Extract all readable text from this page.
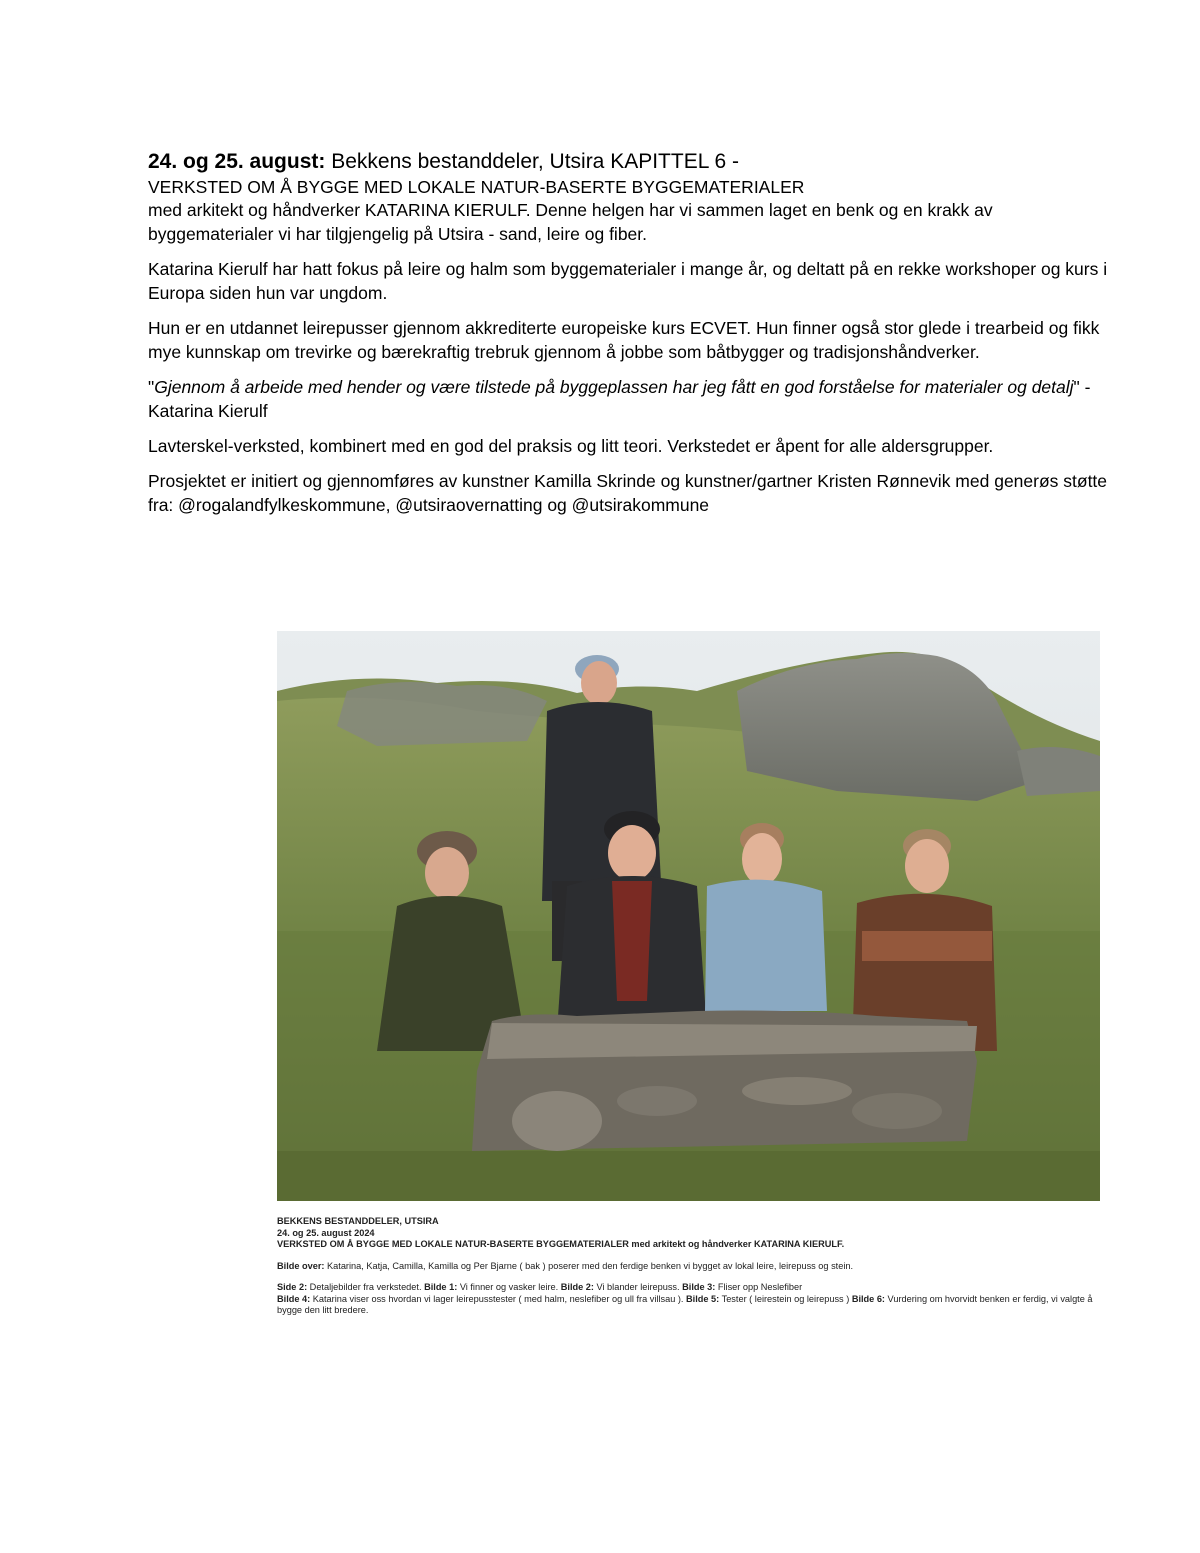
24. og 25. august: Bekkens bestanddeler, Utsira KAPITTEL 6 -
VERKSTED OM Å BYGGE MED LOKALE NATUR-BASERTE BYGGEMATERIALER

med arkitekt og håndverker KATARINA KIERULF. Denne helgen har vi sammen laget en benk og en krakk av byggematerialer vi har tilgjengelig på Utsira - sand, leire og fiber.

Katarina Kierulf har hatt fokus på leire og halm som byggematerialer i mange år, og deltatt på en rekke workshoper og kurs i Europa siden hun var ungdom.

Hun er en utdannet leirepusser gjennom akkrediterte europeiske kurs ECVET. Hun finner også stor glede i trearbeid og fikk mye kunnskap om trevirke og bærekraftig trebruk gjennom å jobbe som båtbygger og tradisjonshåndverker.

"Gjennom å arbeide med hender og være tilstede på byggeplassen har jeg fått en god forståelse for materialer og detalj" - Katarina Kierulf

Lavterskel-verksted, kombinert med en god del praksis og litt teori. Verkstedet er åpent for alle aldersgrupper.

Prosjektet er initiert og gjennomføres av kunstner Kamilla Skrinde og kunstner/gartner Kristen Rønnevik med generøs støtte fra: @rogalandfylkeskommune, @utsiraovernatting og @utsirakommune

BEKKENS BESTANDDELER, UTSIRA
24. og 25. august 2024
VERKSTED OM Å BYGGE MED LOKALE NATUR-BASERTE BYGGEMATERIALER med arkitekt og håndverker KATARINA KIERULF.
Bilde over: Katarina, Katja, Camilla, Kamilla og Per Bjarne ( bak ) poserer med den ferdige benken vi bygget av lokal leire, leirepuss og stein.
Side 2: Detaljebilder fra verkstedet. Bilde 1: Vi finner og vasker leire. Bilde 2: Vi blander leirepuss. Bilde 3: Fliser opp Neslefiber
Bilde 4: Katarina viser oss hvordan vi lager leirepusstester ( med halm, neslefiber og ull fra villsau ). Bilde 5: Tester ( leirestein og leirepuss ) Bilde 6: Vurdering om hvorvidt benken er ferdig, vi valgte å bygge den litt bredere.
